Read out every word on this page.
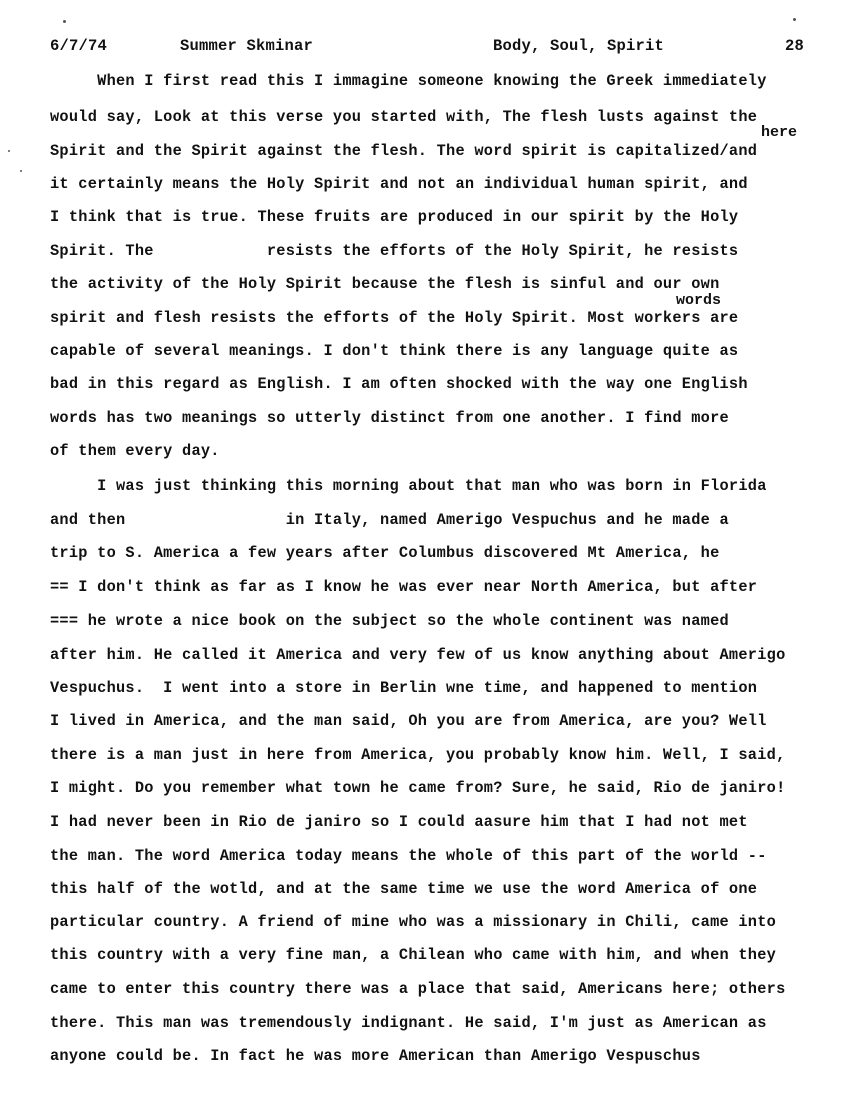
6/7/74	Summer Skminar	Body, Soul, Spirit	28
here
words
When I first read this I immagine someone knowing the Greek immediately
would say, Look at this verse you started with, The flesh lusts against the
Spirit and the Spirit against the flesh. The word spirit is capitalized/and
it certainly means the Holy Spirit and not an individual human spirit, and
I think that is true. These fruits are produced in our spirit by the Holy
Spirit. The            resists the efforts of the Holy Spirit, he resists
the activity of the Holy Spirit because the flesh is sinful and our own
spirit and flesh resists the efforts of the Holy Spirit. Most workers are
capable of several meanings. I don't think there is any language quite as
bad in this regard as English. I am often shocked with the way one English
words has two meanings so utterly distinct from one another. I find more
of them every day.
I was just thinking this morning about that man who was born in Florida
and then                 in Italy, named Amerigo Vespuchus and he made a
trip to S. America a few years after Columbus discovered Mt America, he
== I don't think as far as I know he was ever near North America, but after
=== he wrote a nice book on the subject so the whole continent was named
after him. He called it America and very few of us know anything about Amerigo
Vespuchus.  I went into a store in Berlin wne time, and happened to mention
I lived in America, and the man said, Oh you are from America, are you? Well
there is a man just in here from America, you probably know him. Well, I said,
I might. Do you remember what town he came from? Sure, he said, Rio de janiro!
I had never been in Rio de janiro so I could aasure him that I had not met
the man. The word America today means the whole of this part of the world --
this half of the wotld, and at the same time we use the word America of one
particular country. A friend of mine who was a missionary in Chili, came into
this country with a very fine man, a Chilean who came with him, and when they
came to enter this country there was a place that said, Americans here; others
there. This man was tremendously indignant. He said, I'm just as American as
anyone could be. In fact he was more American than Amerigo Vespuschus
